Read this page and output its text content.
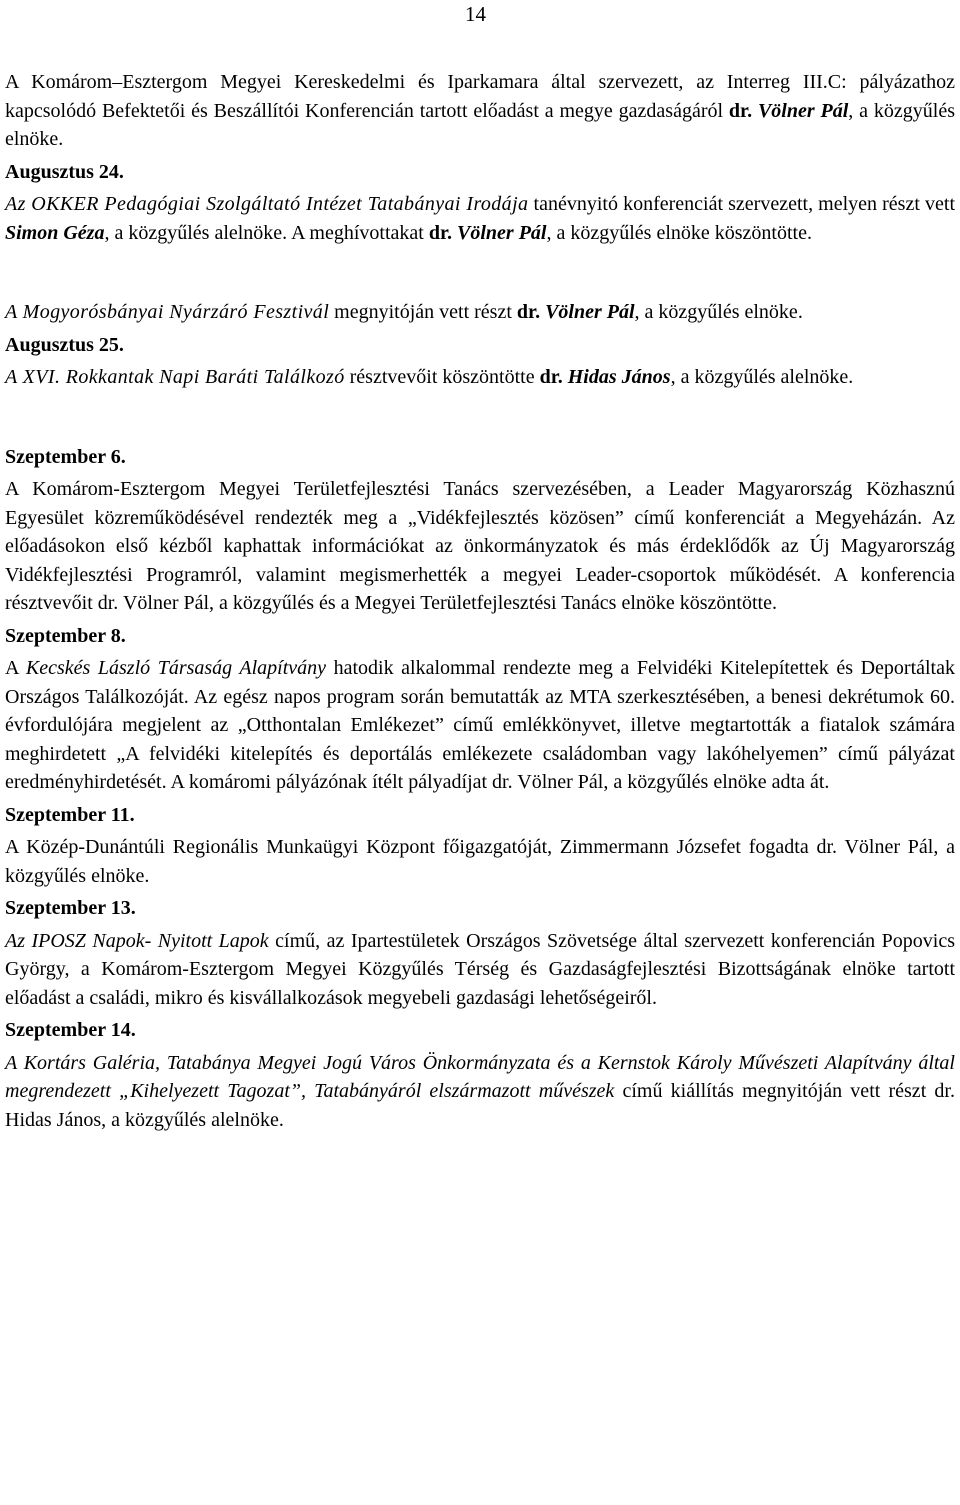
14

A Komárom–Esztergom Megyei Kereskedelmi és Iparkamara által szervezett, az Interreg III.C: pályázathoz kapcsolódó Befektetői és Beszállítói Konferencián tartott előadást a megye gazdaságáról dr. Völner Pál, a közgyűlés elnöke.

Augusztus 24.

Az OKKER Pedagógiai Szolgáltató Intézet Tatabányai Irodája tanévnyitó konferenciát szervezett, melyen részt vett Simon Géza, a közgyűlés alelnöke. A meghívottakat dr. Völner Pál, a közgyűlés elnöke köszöntötte.

A Mogyorósbányai Nyárzáró Fesztivál megnyitóján vett részt dr. Völner Pál, a közgyűlés elnöke.

Augusztus 25.

A XVI. Rokkantak Napi Baráti Találkozó résztvevőit köszöntötte dr. Hidas János, a közgyűlés alelnöke.

Szeptember 6.

A Komárom-Esztergom Megyei Területfejlesztési Tanács szervezésében, a Leader Magyarország Közhasznú Egyesület közreműködésével rendezték meg a „Vidékfejlesztés közösen” című konferenciát a Megyeházán. Az előadásokon első kézből kaphattak információkat az önkormányzatok és más érdeklődők az Új Magyarország Vidékfejlesztési Programról, valamint megismerhették a megyei Leader-csoportok működését. A konferencia résztvevőit dr. Völner Pál, a közgyűlés és a Megyei Területfejlesztési Tanács elnöke köszöntötte.

Szeptember 8.

A Kecskés László Társaság Alapítvány hatodik alkalommal rendezte meg a Felvidéki Kitelepítettek és Deportáltak Országos Találkozóját. Az egész napos program során bemutatták az MTA szerkesztésében, a benesi dekrétumok 60. évfordulójára megjelent az „Otthontalan Emlékezet” című emlékkönyvet, illetve megtartották a fiatalok számára meghirdetett „A felvidéki kitelepítés és deportálás emlékezete családomban vagy lakóhelyemen” című pályázat eredményhirdetését. A komáromi pályázónak ítélt pályadíjat dr. Völner Pál, a közgyűlés elnöke adta át.

Szeptember 11.

A Közép-Dunántúli Regionális Munkaügyi Központ főigazgatóját, Zimmermann Józsefet fogadta dr. Völner Pál, a közgyűlés elnöke.

Szeptember 13.

Az IPOSZ Napok- Nyitott Lapok című, az Ipartestületek Országos Szövetsége által szervezett konferencián Popovics György, a Komárom-Esztergom Megyei Közgyűlés Térség és Gazdaságfejlesztési Bizottságának elnöke tartott előadást a családi, mikro és kisvállalkozások megyebeli gazdasági lehetőségeiről.

Szeptember 14.

A Kortárs Galéria, Tatabánya Megyei Jogú Város Önkormányzata és a Kernstok Károly Művészeti Alapítvány által megrendezett „Kihelyezett Tagozat”, Tatabányáról elszármazott művészek című kiállítás megnyitóján vett részt dr. Hidas János, a közgyűlés alelnöke.
